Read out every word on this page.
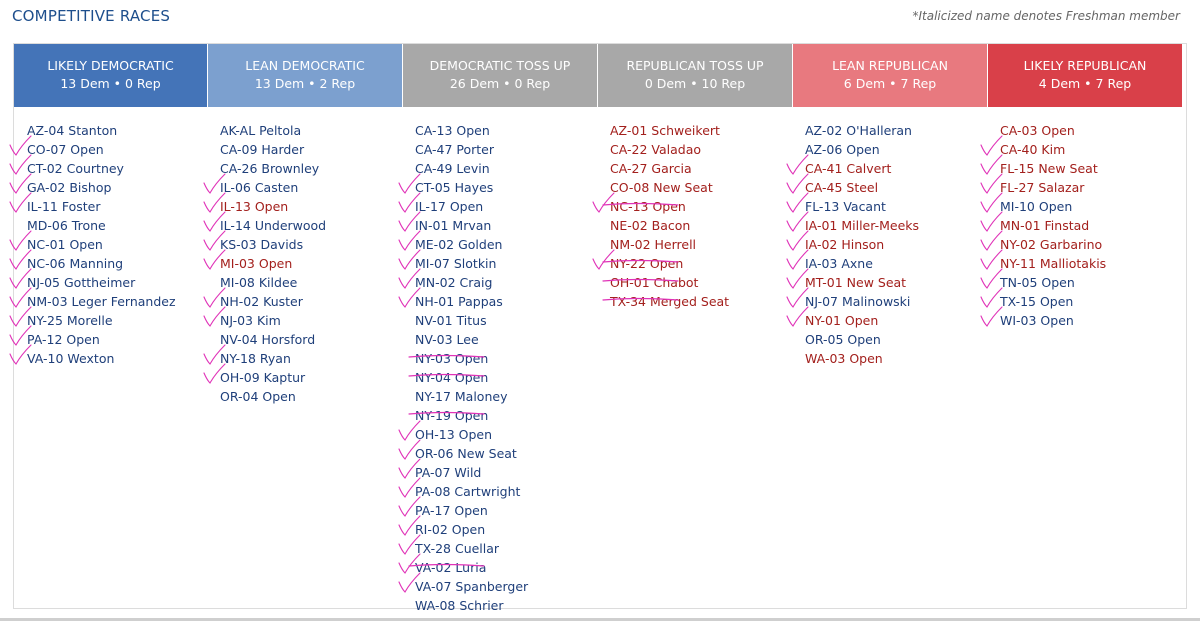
COMPETITIVE RACES	*Italicized name denotes Freshman member
LIKELY DEMOCRATIC
13 Dem • 0 Rep
AZ-04 Stanton
CO-07 Open
CT-02 Courtney
GA-02 Bishop
IL-11 Foster
MD-06 Trone
NC-01 Open
NC-06 Manning
NJ-05 Gottheimer
NM-03 Leger Fernandez
NY-25 Morelle
PA-12 Open
VA-10 Wexton
LEAN DEMOCRATIC
13 Dem • 2 Rep
AK-AL Peltola
CA-09 Harder
CA-26 Brownley
IL-06 Casten
IL-13 Open
IL-14 Underwood
KS-03 Davids
MI-03 Open
MI-08 Kildee
NH-02 Kuster
NJ-03 Kim
NV-04 Horsford
NY-18 Ryan
OH-09 Kaptur
OR-04 Open
DEMOCRATIC TOSS UP
26 Dem • 0 Rep
CA-13 Open
CA-47 Porter
CA-49 Levin
CT-05 Hayes
IL-17 Open
IN-01 Mrvan
ME-02 Golden
MI-07 Slotkin
MN-02 Craig
NH-01 Pappas
NV-01 Titus
NV-03 Lee
NY-03 Open
NY-04 Open
NY-17 Maloney
NY-19 Open
OH-13 Open
OR-06 New Seat
PA-07 Wild
PA-08 Cartwright
PA-17 Open
RI-02 Open
TX-28 Cuellar
VA-02 Luria
VA-07 Spanberger
WA-08 Schrier
REPUBLICAN TOSS UP
0 Dem • 10 Rep
AZ-01 Schweikert
CA-22 Valadao
CA-27 Garcia
CO-08 New Seat
NC-13 Open
NE-02 Bacon
NM-02 Herrell
NY-22 Open
OH-01 Chabot
TX-34 Merged Seat
LEAN REPUBLICAN
6 Dem • 7 Rep
AZ-02 O'Halleran
AZ-06 Open
CA-41 Calvert
CA-45 Steel
FL-13 Vacant
IA-01 Miller-Meeks
IA-02 Hinson
IA-03 Axne
MT-01 New Seat
NJ-07 Malinowski
NY-01 Open
OR-05 Open
WA-03 Open
LIKELY REPUBLICAN
4 Dem • 7 Rep
CA-03 Open
CA-40 Kim
FL-15 New Seat
FL-27 Salazar
MI-10 Open
MN-01 Finstad
NY-02 Garbarino
NY-11 Malliotakis
TN-05 Open
TX-15 Open
WI-03 Open
